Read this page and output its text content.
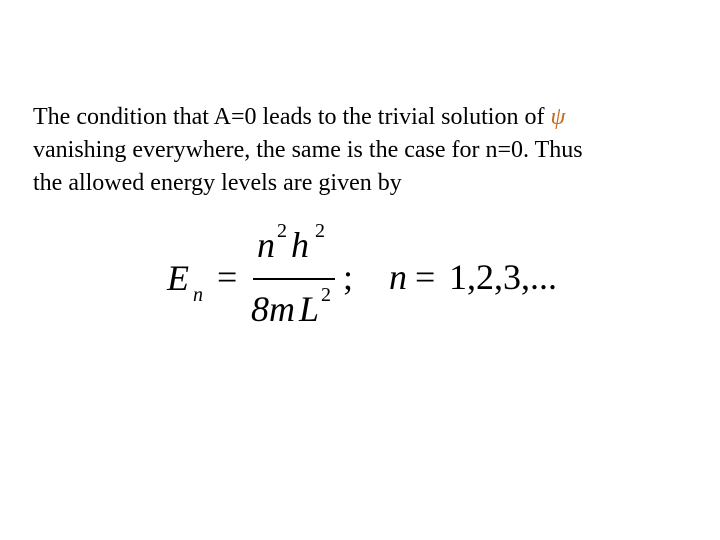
The condition that A=0 leads to the trivial solution of ψ
vanishing everywhere, the same is the case for n=0. Thus
the allowed energy levels are given by

E n =
n 2 h 2
8m L 2 ; n = 1,2,3,...
